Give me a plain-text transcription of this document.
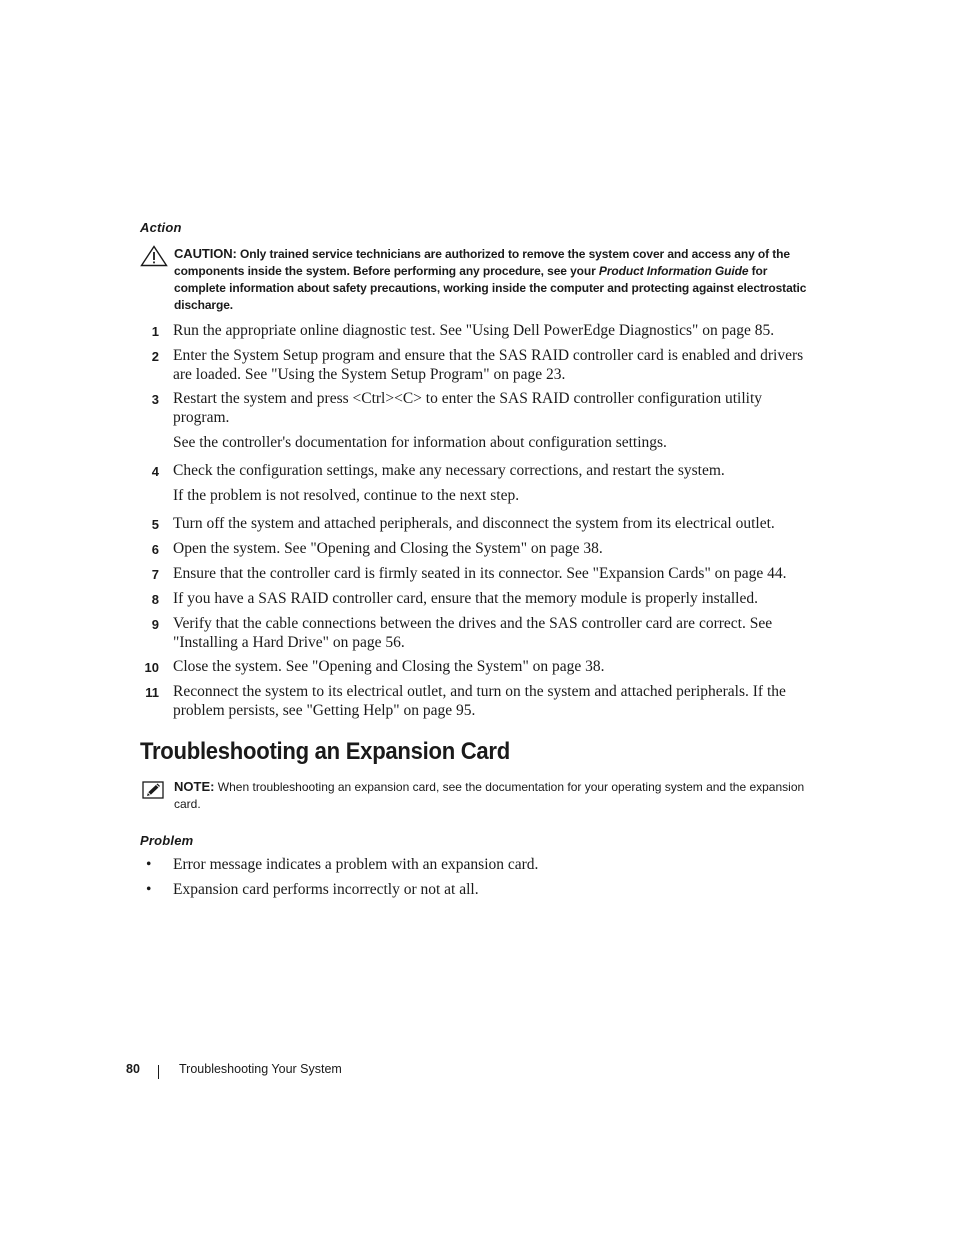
Action
CAUTION: Only trained service technicians are authorized to remove the system cover and access any of the components inside the system. Before performing any procedure, see your Product Information Guide for complete information about safety precautions, working inside the computer and protecting against electrostatic discharge.
1 Run the appropriate online diagnostic test. See "Using Dell PowerEdge Diagnostics" on page 85.
2 Enter the System Setup program and ensure that the SAS RAID controller card is enabled and drivers are loaded. See "Using the System Setup Program" on page 23.
3 Restart the system and press <Ctrl><C> to enter the SAS RAID controller configuration utility program.
See the controller's documentation for information about configuration settings.
4 Check the configuration settings, make any necessary corrections, and restart the system.
If the problem is not resolved, continue to the next step.
5 Turn off the system and attached peripherals, and disconnect the system from its electrical outlet.
6 Open the system. See "Opening and Closing the System" on page 38.
7 Ensure that the controller card is firmly seated in its connector. See "Expansion Cards" on page 44.
8 If you have a SAS RAID controller card, ensure that the memory module is properly installed.
9 Verify that the cable connections between the drives and the SAS controller card are correct. See "Installing a Hard Drive" on page 56.
10 Close the system. See "Opening and Closing the System" on page 38.
11 Reconnect the system to its electrical outlet, and turn on the system and attached peripherals. If the problem persists, see "Getting Help" on page 95.
Troubleshooting an Expansion Card
NOTE: When troubleshooting an expansion card, see the documentation for your operating system and the expansion card.
Problem
• Error message indicates a problem with an expansion card.
• Expansion card performs incorrectly or not at all.
80	Troubleshooting Your System
